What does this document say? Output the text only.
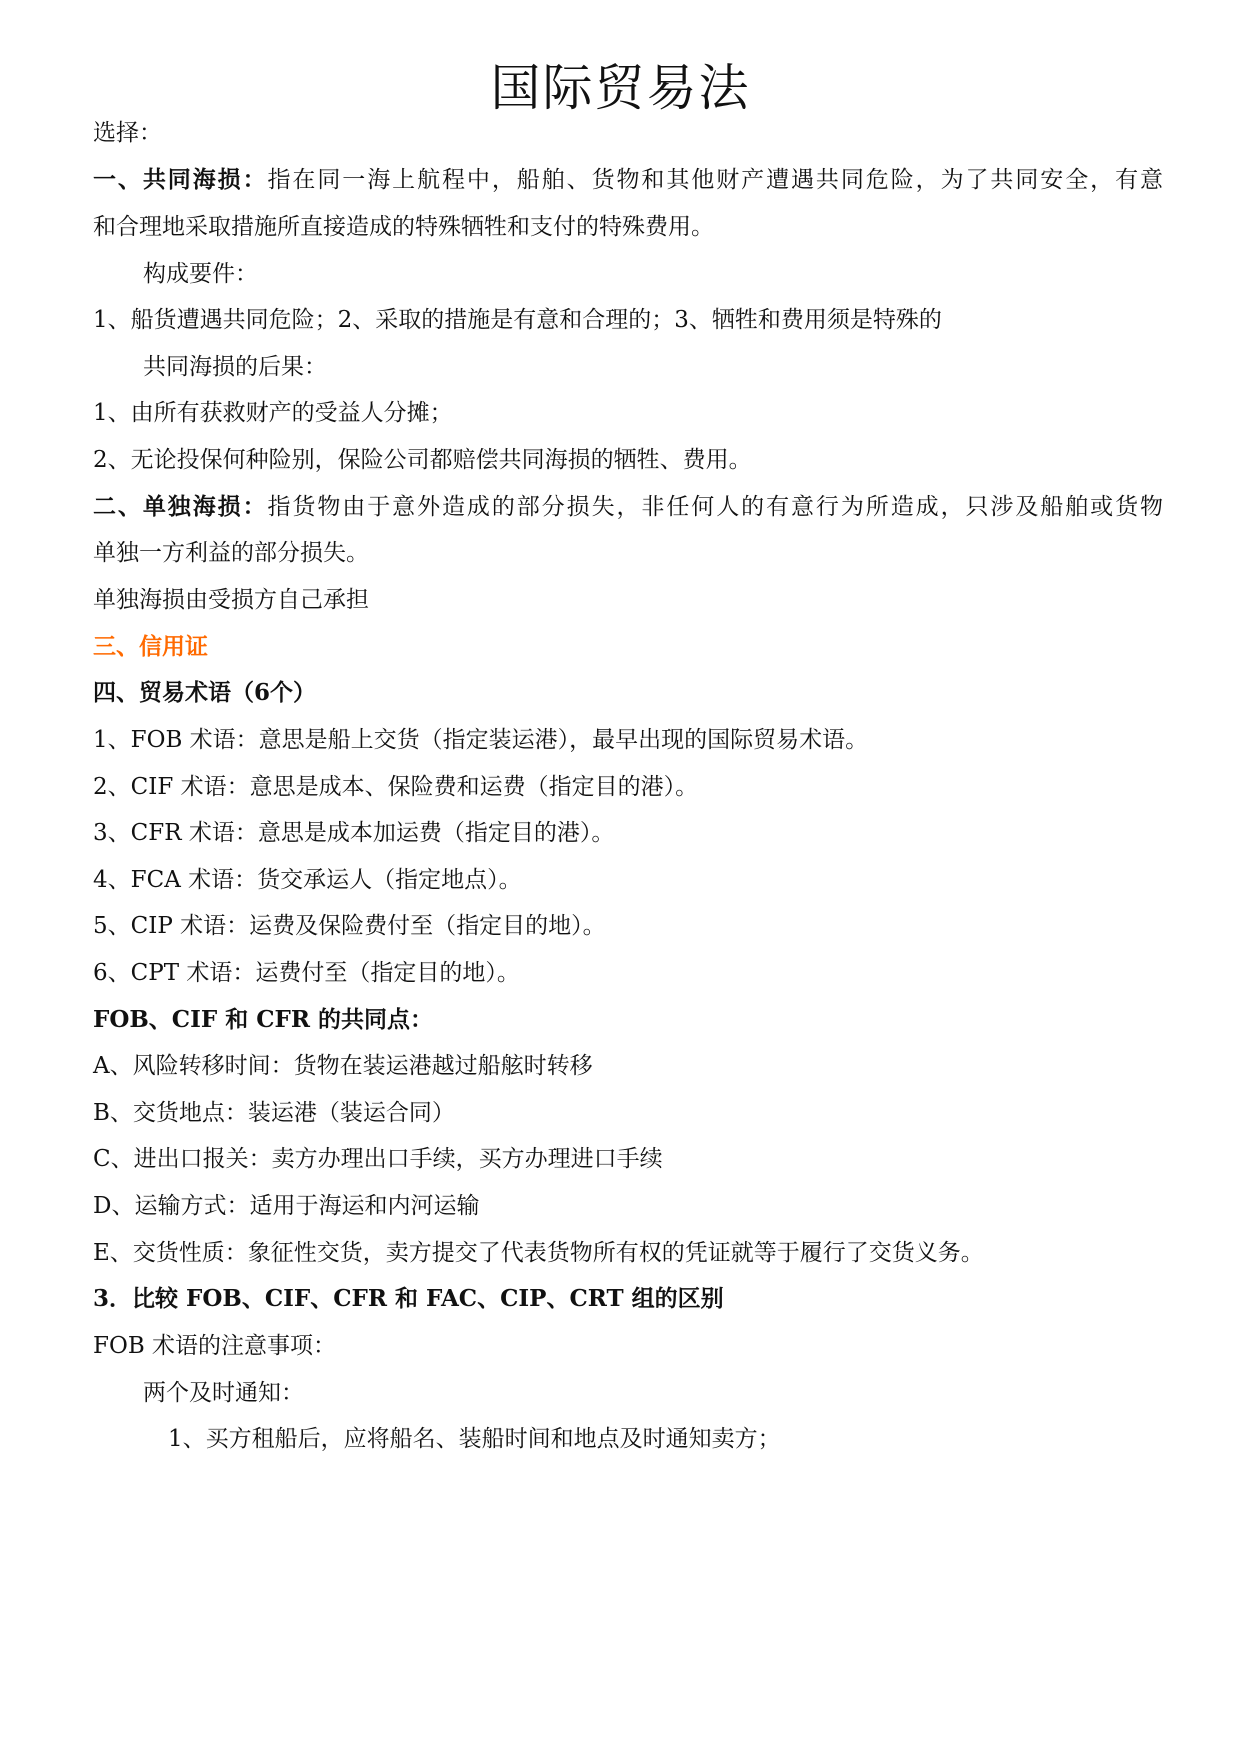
国际贸易法
选择：
一、共同海损：指在同一海上航程中，船舶、货物和其他财产遭遇共同危险，为了共同安全，有意
和合理地采取措施所直接造成的特殊牺牲和支付的特殊费用。
构成要件：
1、船货遭遇共同危险；2、采取的措施是有意和合理的；3、牺牲和费用须是特殊的
共同海损的后果：
1、由所有获救财产的受益人分摊；
2、无论投保何种险别，保险公司都赔偿共同海损的牺牲、费用。
二、单独海损：指货物由于意外造成的部分损失，非任何人的有意行为所造成，只涉及船舶或货物
单独一方利益的部分损失。
单独海损由受损方自己承担
三、信用证
四、贸易术语（6个）
1、FOB 术语：意思是船上交货（指定装运港），最早出现的国际贸易术语。
2、CIF 术语：意思是成本、保险费和运费（指定目的港）。
3、CFR 术语：意思是成本加运费（指定目的港）。
4、FCA 术语：货交承运人（指定地点）。
5、CIP 术语：运费及保险费付至（指定目的地）。
6、CPT 术语：运费付至（指定目的地）。
FOB、CIF 和 CFR 的共同点：
A、风险转移时间：货物在装运港越过船舷时转移
B、交货地点：装运港（装运合同）
C、进出口报关：卖方办理出口手续，买方办理进口手续
D、运输方式：适用于海运和内河运输
E、交货性质：象征性交货，卖方提交了代表货物所有权的凭证就等于履行了交货义务。
3．比较 FOB、CIF、CFR 和 FAC、CIP、CRT 组的区别
FOB 术语的注意事项：
两个及时通知：
1、买方租船后，应将船名、装船时间和地点及时通知卖方；
